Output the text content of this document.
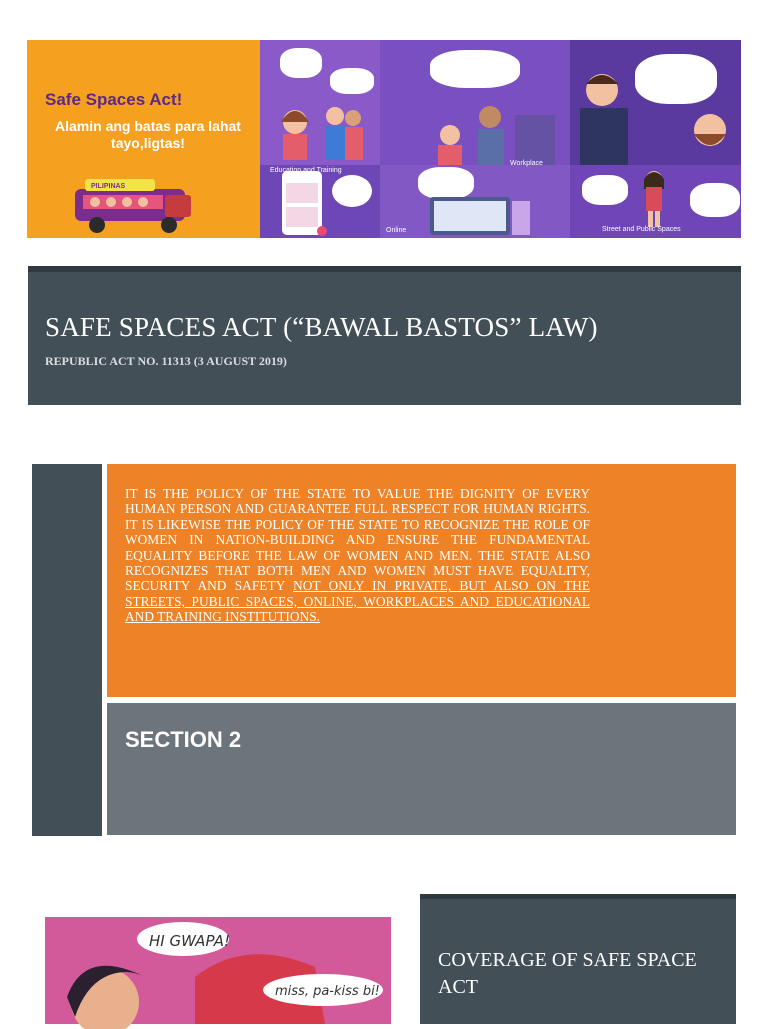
Safe Spaces Act!
Alamin ang batas para lahat tayo,ligtas!
PILIPINAS
Education and Training
Online
Workplace
Street and Public Spaces
SAFE SPACES ACT (“BAWAL BASTOS” LAW)
REPUBLIC ACT NO. 11313 (3 AUGUST 2019)

IT IS THE POLICY OF THE STATE TO VALUE THE DIGNITY OF EVERY HUMAN PERSON AND GUARANTEE FULL RESPECT FOR HUMAN RIGHTS. IT IS LIKEWISE THE POLICY OF THE STATE TO RECOGNIZE THE ROLE OF WOMEN IN NATION-BUILDING AND ENSURE THE FUNDAMENTAL EQUALITY BEFORE THE LAW OF WOMEN AND MEN. THE STATE ALSO RECOGNIZES THAT BOTH MEN AND WOMEN MUST HAVE EQUALITY, SECURITY AND SAFETY NOT ONLY IN PRIVATE, BUT ALSO ON THE STREETS, PUBLIC SPACES, ONLINE, WORKPLACES AND EDUCATIONAL AND TRAINING INSTITUTIONS.

SECTION 2
HI GWAPA!
miss, pa-kiss bi!
COVERAGE OF SAFE SPACE ACT
